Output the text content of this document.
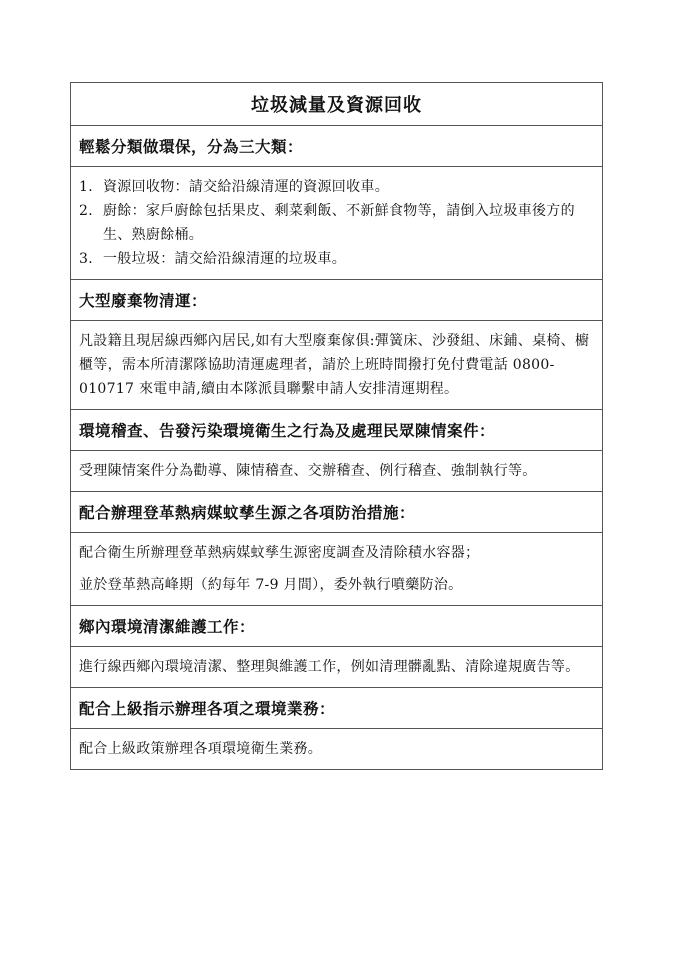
垃圾減量及資源回收
輕鬆分類做環保，分為三大類：
1. 資源回收物：請交給沿線清運的資源回收車。
2. 廚餘：家戶廚餘包括果皮、剩菜剩飯、不新鮮食物等，請倒入垃圾車後方的生、熟廚餘桶。
3. 一般垃圾：請交給沿線清運的垃圾車。
大型廢棄物清運：

凡設籍且現居線西鄉內居民,如有大型廢棄傢俱:彈簧床、沙發組、床鋪、桌椅、櫥櫃等，需本所清潔隊協助清運處理者，請於上班時間撥打免付費電話 0800-010717 來電申請,續由本隊派員聯繫申請人安排清運期程。

環境稽查、告發污染環境衛生之行為及處理民眾陳情案件：

受理陳情案件分為勸導、陳情稽查、交辦稽查、例行稽查、強制執行等。

配合辦理登革熱病媒蚊孳生源之各項防治措施：

配合衛生所辦理登革熱病媒蚊孳生源密度調查及清除積水容器；

並於登革熱高峰期（約每年 7-9 月間），委外執行噴藥防治。

鄉內環境清潔維護工作：

進行線西鄉內環境清潔、整理與維護工作，例如清理髒亂點、清除違規廣告等。

配合上級指示辦理各項之環境業務：

配合上級政策辦理各項環境衛生業務。
